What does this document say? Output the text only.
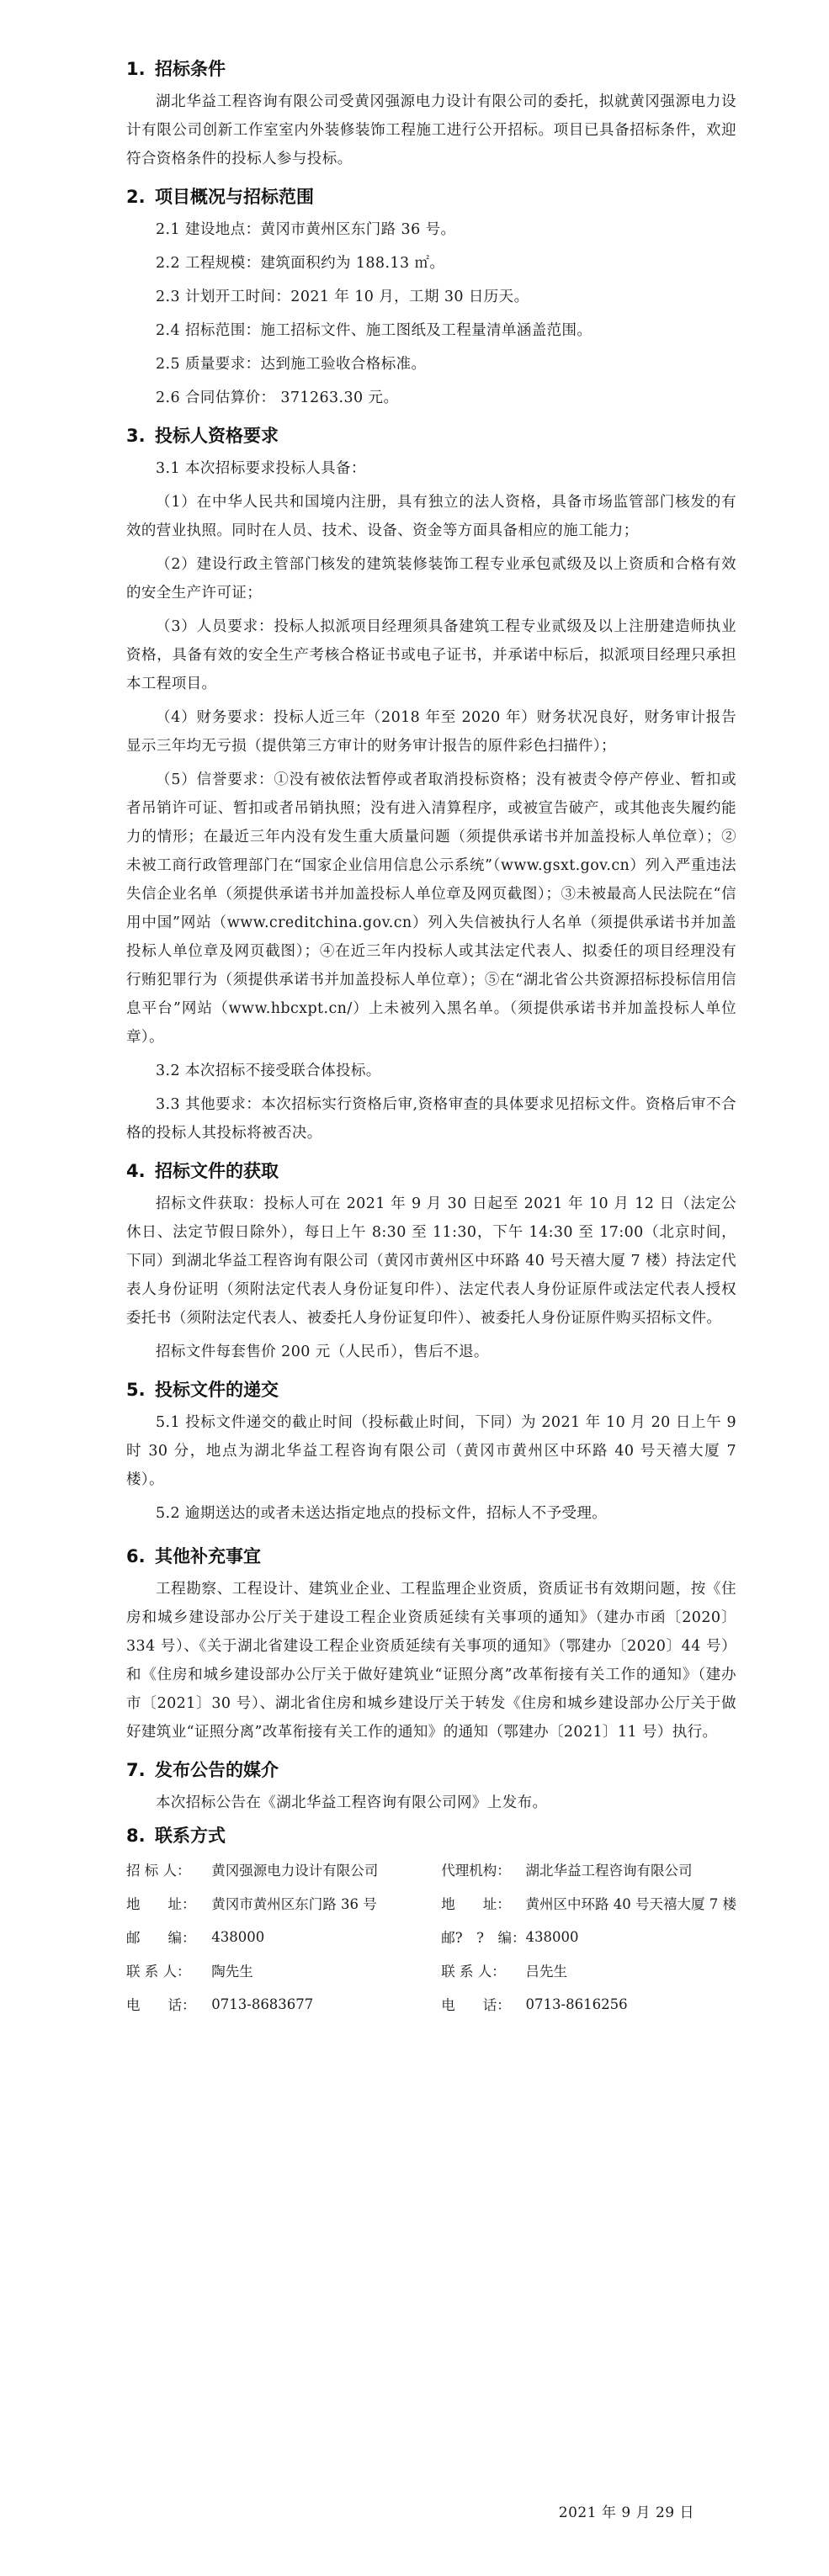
1. 招标条件

湖北华益工程咨询有限公司受黄冈强源电力设计有限公司的委托，拟就黄冈强源电力设计有限公司创新工作室室内外装修装饰工程施工进行公开招标。项目已具备招标条件，欢迎符合资格条件的投标人参与投标。

2. 项目概况与招标范围

2.1 建设地点：黄冈市黄州区东门路 36 号。

2.2 工程规模：建筑面积约为 188.13 ㎡。

2.3 计划开工时间：2021 年 10 月，工期 30 日历天。

2.4 招标范围：施工招标文件、施工图纸及工程量清单涵盖范围。

2.5 质量要求：达到施工验收合格标准。

2.6 合同估算价： 371263.30 元。

3. 投标人资格要求

3.1 本次招标要求投标人具备：

（1）在中华人民共和国境内注册，具有独立的法人资格，具备市场监管部门核发的有效的营业执照。同时在人员、技术、设备、资金等方面具备相应的施工能力；

（2）建设行政主管部门核发的建筑装修装饰工程专业承包贰级及以上资质和合格有效的安全生产许可证；

（3）人员要求：投标人拟派项目经理须具备建筑工程专业贰级及以上注册建造师执业资格，具备有效的安全生产考核合格证书或电子证书，并承诺中标后，拟派项目经理只承担本工程项目。

（4）财务要求：投标人近三年（2018 年至 2020 年）财务状况良好，财务审计报告显示三年均无亏损（提供第三方审计的财务审计报告的原件彩色扫描件）；

（5）信誉要求：①没有被依法暂停或者取消投标资格；没有被责令停产停业、暂扣或者吊销许可证、暂扣或者吊销执照；没有进入清算程序，或被宣告破产，或其他丧失履约能力的情形；在最近三年内没有发生重大质量问题（须提供承诺书并加盖投标人单位章）；②未被工商行政管理部门在“国家企业信用信息公示系统”（www.gsxt.gov.cn）列入严重违法失信企业名单（须提供承诺书并加盖投标人单位章及网页截图）；③未被最高人民法院在“信用中国”网站（www.creditchina.gov.cn）列入失信被执行人名单（须提供承诺书并加盖投标人单位章及网页截图）；④在近三年内投标人或其法定代表人、拟委任的项目经理没有行贿犯罪行为（须提供承诺书并加盖投标人单位章）；⑤在“湖北省公共资源招标投标信用信息平台”网站（www.hbcxpt.cn/）上未被列入黑名单。（须提供承诺书并加盖投标人单位章）。

3.2 本次招标不接受联合体投标。

3.3 其他要求：本次招标实行资格后审,资格审查的具体要求见招标文件。资格后审不合格的投标人其投标将被否决。

4. 招标文件的获取

招标文件获取：投标人可在 2021 年 9 月 30 日起至 2021 年 10 月 12 日（法定公休日、法定节假日除外），每日上午 8:30 至 11:30，下午 14:30 至 17:00（北京时间，下同）到湖北华益工程咨询有限公司（黄冈市黄州区中环路 40 号天禧大厦 7 楼）持法定代表人身份证明（须附法定代表人身份证复印件）、法定代表人身份证原件或法定代表人授权委托书（须附法定代表人、被委托人身份证复印件）、被委托人身份证原件购买招标文件。

招标文件每套售价 200 元（人民币），售后不退。

5. 投标文件的递交

5.1 投标文件递交的截止时间（投标截止时间，下同）为 2021 年 10 月 20 日上午 9 时 30 分，地点为湖北华益工程咨询有限公司（黄冈市黄州区中环路 40 号天禧大厦 7 楼）。

5.2 逾期送达的或者未送达指定地点的投标文件，招标人不予受理。

6. 其他补充事宜

工程勘察、工程设计、建筑业企业、工程监理企业资质，资质证书有效期问题，按《住房和城乡建设部办公厅关于建设工程企业资质延续有关事项的通知》（建办市函〔2020〕334 号）、《关于湖北省建设工程企业资质延续有关事项的通知》（鄂建办〔2020〕44 号）和《住房和城乡建设部办公厅关于做好建筑业“证照分离”改革衔接有关工作的通知》（建办市〔2021〕30 号）、湖北省住房和城乡建设厅关于转发《住房和城乡建设部办公厅关于做好建筑业“证照分离”改革衔接有关工作的通知》的通知（鄂建办〔2021〕11 号）执行。

7. 发布公告的媒介

本次招标公告在《湖北华益工程咨询有限公司网》上发布。

8. 联系方式
招 标 人：	黄冈强源电力设计有限公司	代理机构：	湖北华益工程咨询有限公司
地　　址：	黄冈市黄州区东门路 36 号	地　　址：	黄州区中环路 40 号天禧大厦 7 楼
邮　　编：	438000	邮?　?　编：	438000
联 系 人：	陶先生	联 系 人：	吕先生
电　　话：	0713-8683677	电　　话：	0713-8616256
2021 年 9 月 29 日
